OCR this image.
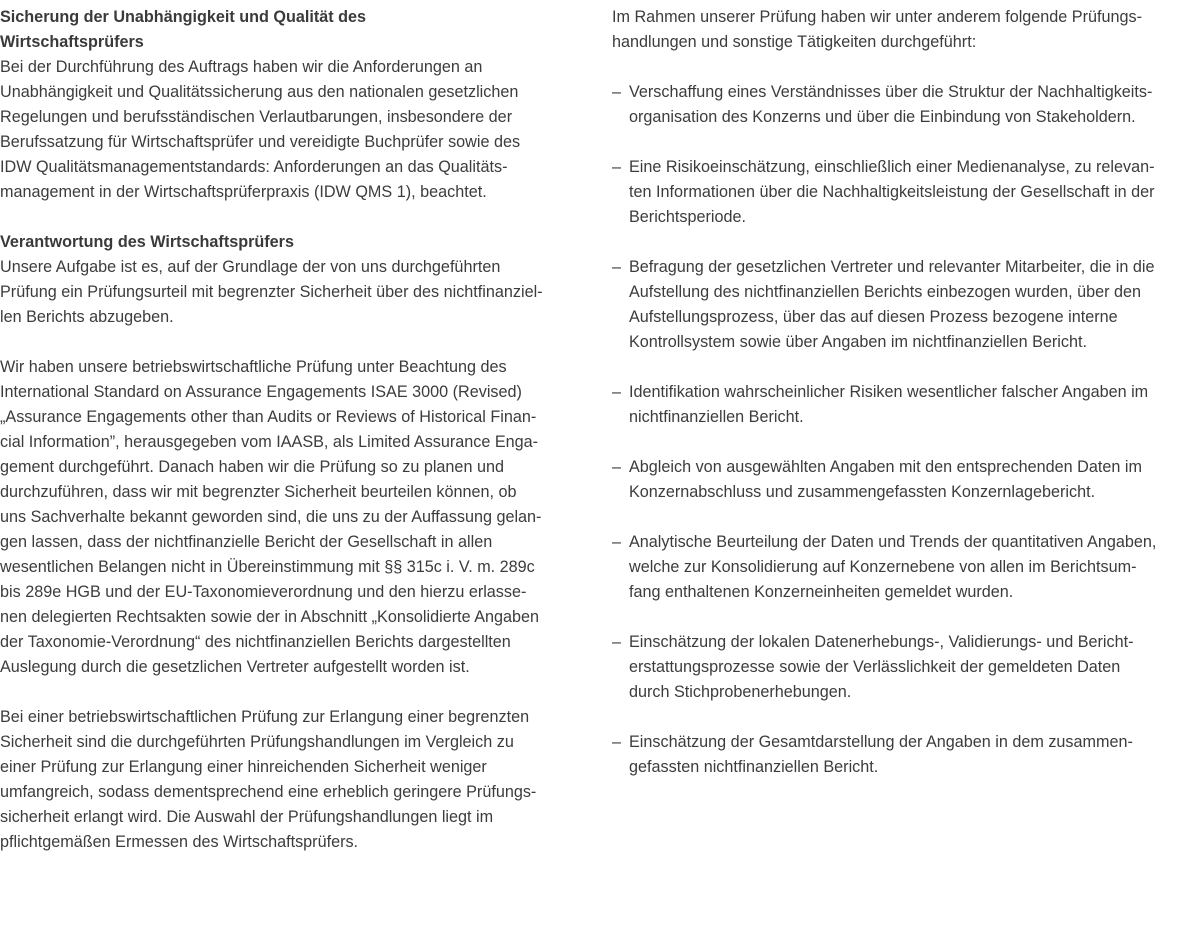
Sicherung der Unabhängigkeit und Qualität des
Wirtschaftsprüfers

Bei der Durchführung des Auftrags haben wir die Anforderungen an
Unabhängigkeit und Qualitätssicherung aus den nationalen gesetzlichen
Regelungen und berufsständischen Verlautbarungen, insbesondere der
Berufssatzung für Wirtschaftsprüfer und vereidigte Buchprüfer sowie des
IDW Qualitätsmanagementstandards: Anforderungen an das Qualitäts-
management in der Wirtschaftsprüferpraxis (IDW QMS 1), beachtet.

Verantwortung des Wirtschaftsprüfers

Unsere Aufgabe ist es, auf der Grundlage der von uns durchgeführten
Prüfung ein Prüfungsurteil mit begrenzter Sicherheit über des nichtfinanziel-
len Berichts abzugeben.

Wir haben unsere betriebswirtschaftliche Prüfung unter Beachtung des
International Standard on Assurance Engagements ISAE 3000 (Revised)
„Assurance Engagements other than Audits or Reviews of Historical Finan-
cial Information”, herausgegeben vom IAASB, als Limited Assurance Enga-
gement durchgeführt. Danach haben wir die Prüfung so zu planen und
durchzuführen, dass wir mit begrenzter Sicherheit beurteilen können, ob
uns Sachverhalte bekannt geworden sind, die uns zu der Auffassung gelan-
gen lassen, dass der nichtfinanzielle Bericht der Gesellschaft in allen
wesentlichen Belangen nicht in Übereinstimmung mit §§ 315c i. V. m. 289c
bis 289e HGB und der EU-Taxonomieverordnung und den hierzu erlasse-
nen delegierten Rechtsakten sowie der in Abschnitt „Konsolidierte Angaben
der Taxonomie-Verordnung“ des nichtfinanziellen Berichts dargestellten
Auslegung durch die gesetzlichen Vertreter aufgestellt worden ist.

Bei einer betriebswirtschaftlichen Prüfung zur Erlangung einer begrenzten
Sicherheit sind die durchgeführten Prüfungshandlungen im Vergleich zu
einer Prüfung zur Erlangung einer hinreichenden Sicherheit weniger
umfangreich, sodass dementsprechend eine erheblich geringere Prüfungs-
sicherheit erlangt wird. Die Auswahl der Prüfungshandlungen liegt im
pflichtgemäßen Ermessen des Wirtschaftsprüfers.

Im Rahmen unserer Prüfung haben wir unter anderem folgende Prüfungs-
handlungen und sonstige Tätigkeiten durchgeführt:

– Verschaffung eines Verständnisses über die Struktur der Nachhaltigkeits-
organisation des Konzerns und über die Einbindung von Stakeholdern.
– Eine Risikoeinschätzung, einschließlich einer Medienanalyse, zu relevan-
ten Informationen über die Nachhaltigkeitsleistung der Gesellschaft in der
Berichtsperiode.
– Befragung der gesetzlichen Vertreter und relevanter Mitarbeiter, die in die
Aufstellung des nichtfinanziellen Berichts einbezogen wurden, über den
Aufstellungsprozess, über das auf diesen Prozess bezogene interne
Kontrollsystem sowie über Angaben im nichtfinanziellen Bericht.
– Identifikation wahrscheinlicher Risiken wesentlicher falscher Angaben im
nichtfinanziellen Bericht.
– Abgleich von ausgewählten Angaben mit den entsprechenden Daten im
Konzernabschluss und zusammengefassten Konzernlagebericht.
– Analytische Beurteilung der Daten und Trends der quantitativen Angaben,
welche zur Konsolidierung auf Konzernebene von allen im Berichtsum-
fang enthaltenen Konzerneinheiten gemeldet wurden.
– Einschätzung der lokalen Datenerhebungs-, Validierungs- und Bericht-
erstattungsprozesse sowie der Verlässlichkeit der gemeldeten Daten
durch Stichprobenerhebungen.
– Einschätzung der Gesamtdarstellung der Angaben in dem zusammen-
gefassten nichtfinanziellen Bericht.
